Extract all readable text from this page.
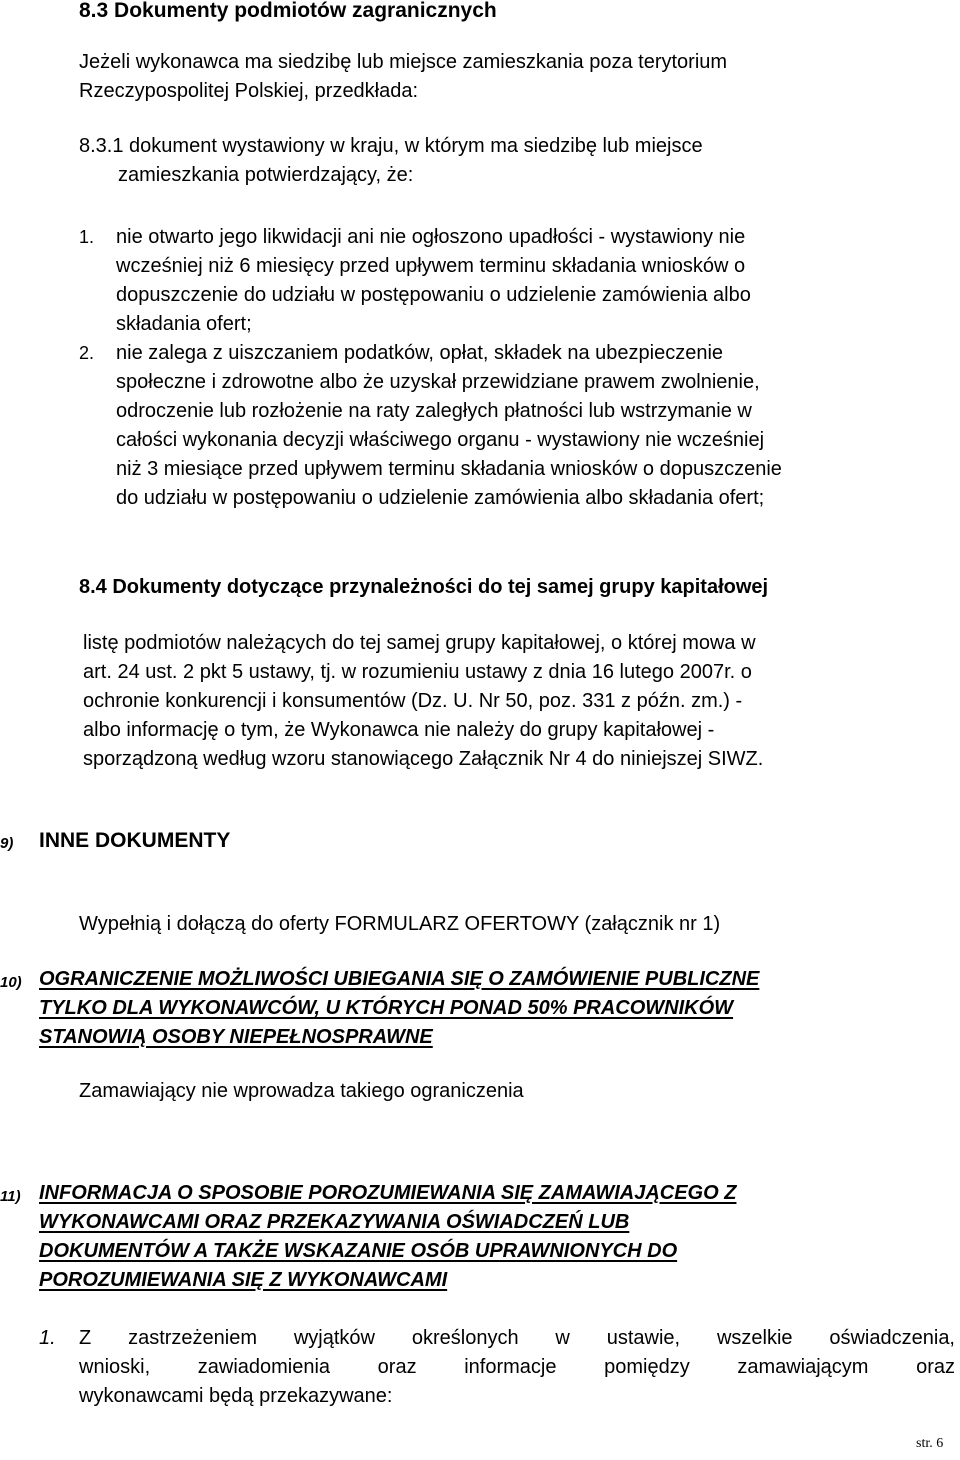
8.3 Dokumenty podmiotów zagranicznych
Jeżeli wykonawca ma siedzibę lub miejsce zamieszkania poza terytorium
Rzeczypospolitej Polskiej, przedkłada:
8.3.1 dokument wystawiony w kraju, w którym ma siedzibę lub miejsce
zamieszkania potwierdzający, że:
1. nie otwarto jego likwidacji ani nie ogłoszono upadłości - wystawiony nie
wcześniej niż 6 miesięcy przed upływem terminu składania wniosków o
dopuszczenie do udziału w postępowaniu o udzielenie zamówienia albo
składania ofert;
2. nie zalega z uiszczaniem podatków, opłat, składek na ubezpieczenie
społeczne i zdrowotne albo że uzyskał przewidziane prawem zwolnienie,
odroczenie lub rozłożenie na raty zaległych płatności lub wstrzymanie w
całości wykonania decyzji właściwego organu - wystawiony nie wcześniej
niż 3 miesiące przed upływem terminu składania wniosków o dopuszczenie
do udziału w postępowaniu o udzielenie zamówienia albo składania ofert;
8.4 Dokumenty dotyczące przynależności do tej samej grupy kapitałowej
listę podmiotów należących do tej samej grupy kapitałowej, o której mowa w
art. 24 ust. 2 pkt 5 ustawy, tj. w rozumieniu ustawy z dnia 16 lutego 2007r. o
ochronie konkurencji i konsumentów (Dz. U. Nr 50, poz. 331 z późn. zm.) -
albo informację o tym, że Wykonawca nie należy do grupy kapitałowej -
sporządzoną według wzoru stanowiącego Załącznik Nr 4 do niniejszej SIWZ.
9) INNE DOKUMENTY
Wypełnią i dołączą do oferty FORMULARZ OFERTOWY (załącznik nr 1)
10) OGRANICZENIE MOŻLIWOŚCI UBIEGANIA SIĘ O ZAMÓWIENIE PUBLICZNE
TYLKO DLA WYKONAWCÓW, U KTÓRYCH PONAD 50% PRACOWNIKÓW
STANOWIĄ OSOBY NIEPEŁNOSPRAWNE
Zamawiający nie wprowadza takiego ograniczenia
11) INFORMACJA O SPOSOBIE POROZUMIEWANIA SIĘ ZAMAWIAJĄCEGO Z
WYKONAWCAMI ORAZ PRZEKAZYWANIA OŚWIADCZEŃ LUB
DOKUMENTÓW A TAKŻE WSKAZANIE OSÓB UPRAWNIONYCH DO
POROZUMIEWANIA SIĘ Z WYKONAWCAMI
1. Z zastrzeżeniem wyjątków określonych w ustawie, wszelkie oświadczenia,
wnioski, zawiadomienia oraz informacje pomiędzy zamawiającym oraz
wykonawcami będą przekazywane:
str. 6
